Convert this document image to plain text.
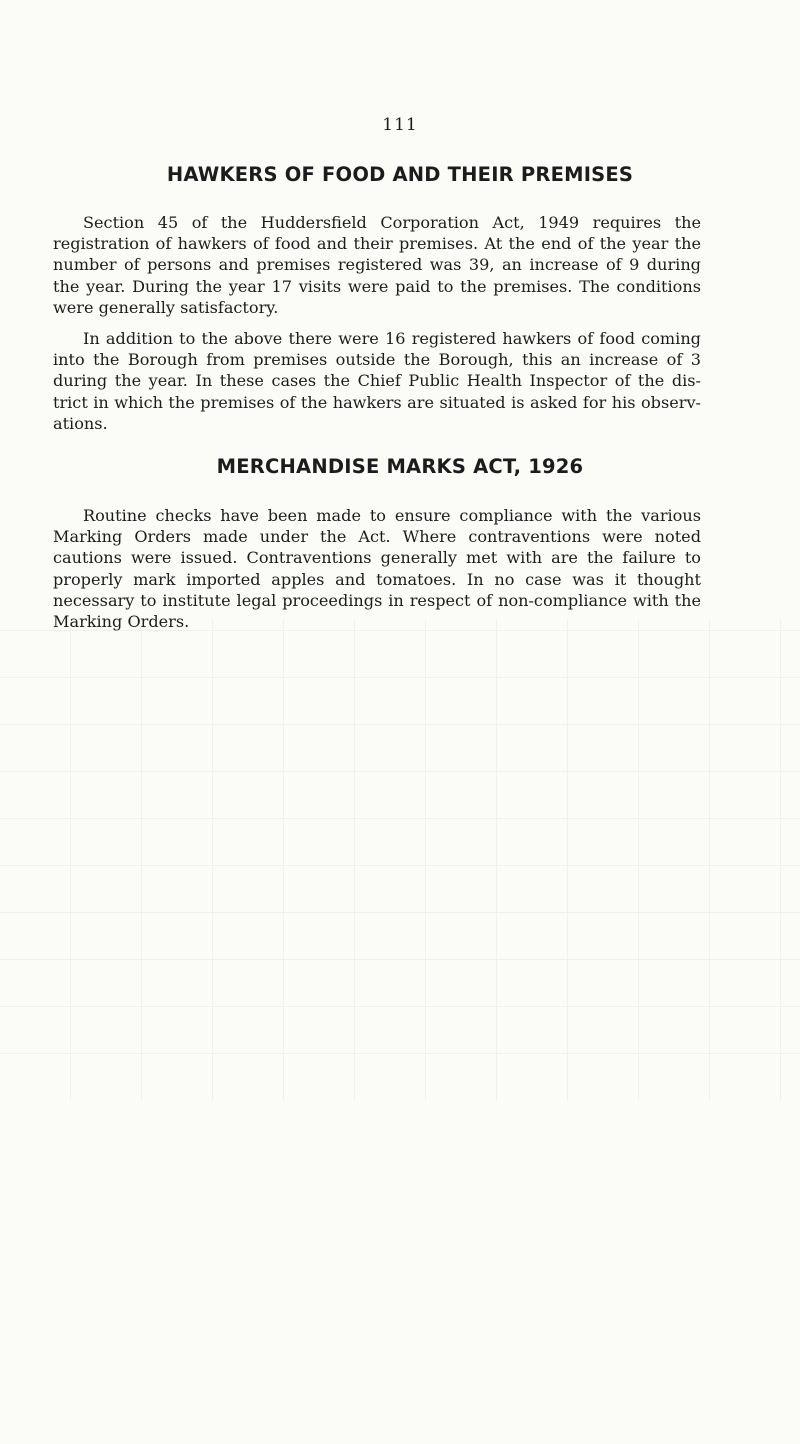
111
HAWKERS OF FOOD AND THEIR PREMISES

Section 45 of the Huddersfield Corporation Act, 1949 requires the registration of hawkers of food and their premises. At the end of the year the number of persons and premises registered was 39, an increase of 9 during the year. During the year 17 visits were paid to the premises. The conditions were generally satisfactory.

In addition to the above there were 16 registered hawkers of food coming into the Borough from premises outside the Borough, this an increase of 3 during the year. In these cases the Chief Public Health Inspector of the dis-trict in which the premises of the hawkers are situated is asked for his observ-ations.

MERCHANDISE MARKS ACT, 1926

Routine checks have been made to ensure compliance with the various Marking Orders made under the Act. Where contraventions were noted cautions were issued. Contraventions generally met with are the failure to properly mark imported apples and tomatoes. In no case was it thought necessary to institute legal proceedings in respect of non-compliance with the Marking Orders.
